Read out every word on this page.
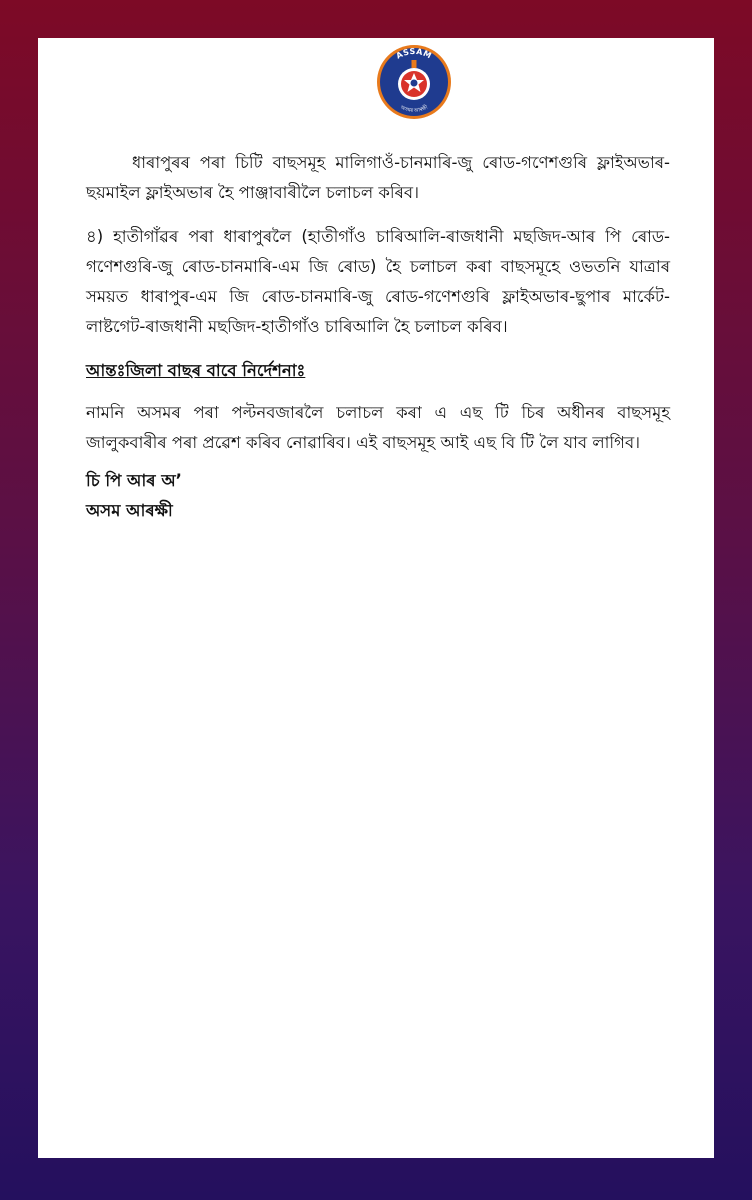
ASSAM
অসমৰ আৰক্ষী

ধাৰাপুৰৰ পৰা চিটি বাছসমূহ মালিগাওঁ-চানমাৰি-জু ৰোড-গণেশগুৰি ফ্লাইঅভাৰ-ছয়মাইল ফ্লাইঅভাৰ হৈ পাঞ্জাবাৰীলৈ চলাচল কৰিব।

৪) হাতীগাঁৱৰ পৰা ধাৰাপুৰলৈ (হাতীগাঁও চাৰিআলি-ৰাজধানী মছজিদ-আৰ পি ৰোড-গণেশগুৰি-জু ৰোড-চানমাৰি-এম জি ৰোড) হৈ চলাচল কৰা বাছসমূহে ওভতনি যাত্ৰাৰ সময়ত ধাৰাপুৰ-এম জি ৰোড-চানমাৰি-জু ৰোড-গণেশগুৰি ফ্লাইঅভাৰ-ছুপাৰ মাৰ্কেট- লাষ্টগেট-ৰাজধানী মছজিদ-হাতীগাঁও চাৰিআলি হৈ চলাচল কৰিব।

আন্তঃজিলা বাছৰ বাবে নিৰ্দেশনাঃ

নামনি অসমৰ পৰা পল্টনবজাৰলৈ চলাচল কৰা এ এছ টি চিৰ অধীনৰ বাছসমূহ জালুকবাৰীৰ পৰা প্ৰৱেশ কৰিব নোৱাৰিব। এই বাছসমূহ আই এছ বি টি লৈ যাব লাগিব।

চি পি আৰ অ’
অসম আৰক্ষী
